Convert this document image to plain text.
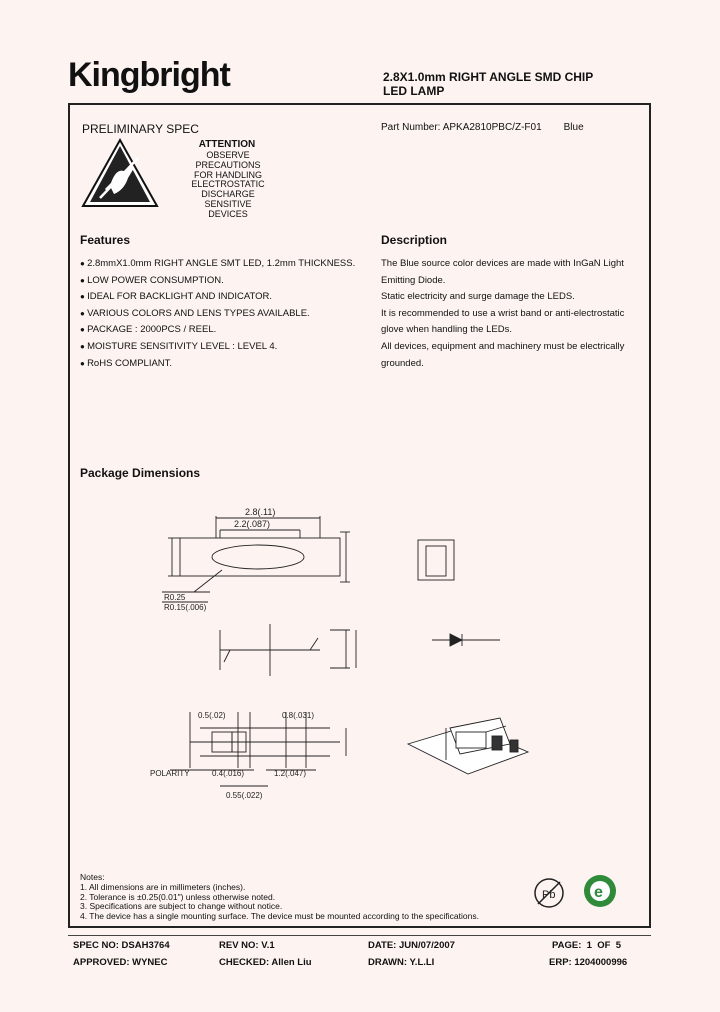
Kingbright	2.8X1.0mm RIGHT ANGLE SMD CHIP
LED LAMP
PRELIMINARY SPEC	Part Number: APKA2810PBC/Z-F01 Blue
ATTENTION
OBSERVE PRECAUTIONS
FOR HANDLING
ELECTROSTATIC
DISCHARGE
SENSITIVE
DEVICES
Features
● 2.8mmX1.0mm RIGHT ANGLE SMT LED, 1.2mm THICKNESS.
● LOW POWER CONSUMPTION.
● IDEAL FOR BACKLIGHT AND INDICATOR.
● VARIOUS COLORS AND LENS TYPES AVAILABLE.
● PACKAGE : 2000PCS / REEL.
● MOISTURE SENSITIVITY LEVEL : LEVEL 4.
● RoHS COMPLIANT.
Description
The Blue source color devices are made with InGaN Light
Emitting Diode.
Static electricity and surge damage the LEDS.
It is recommended to use a wrist band or anti-electrostatic
glove when handling the LEDs.
All devices, equipment and machinery must be electrically
grounded.
Package Dimensions
2.8(.11)
2.2(.087)
R0.25
R0.15(.006)
0.5(.02)	0.8(.031)
0.4(.016)	1.2(.047)
0.55(.022)
POLARITY
Notes:
1. All dimensions are in millimeters (inches).
2. Tolerance is ±0.25(0.01") unless otherwise noted.
3. Specifications are subject to change without notice.
4. The device has a single mounting surface. The device must be mounted according to the specifications.
Pb e
SPEC NO: DSAH3764	REV NO: V.1	DATE: JUN/07/2007	PAGE:  1  OF  5
APPROVED: WYNEC	CHECKED: Allen Liu	DRAWN: Y.L.LI	ERP: 1204000996
